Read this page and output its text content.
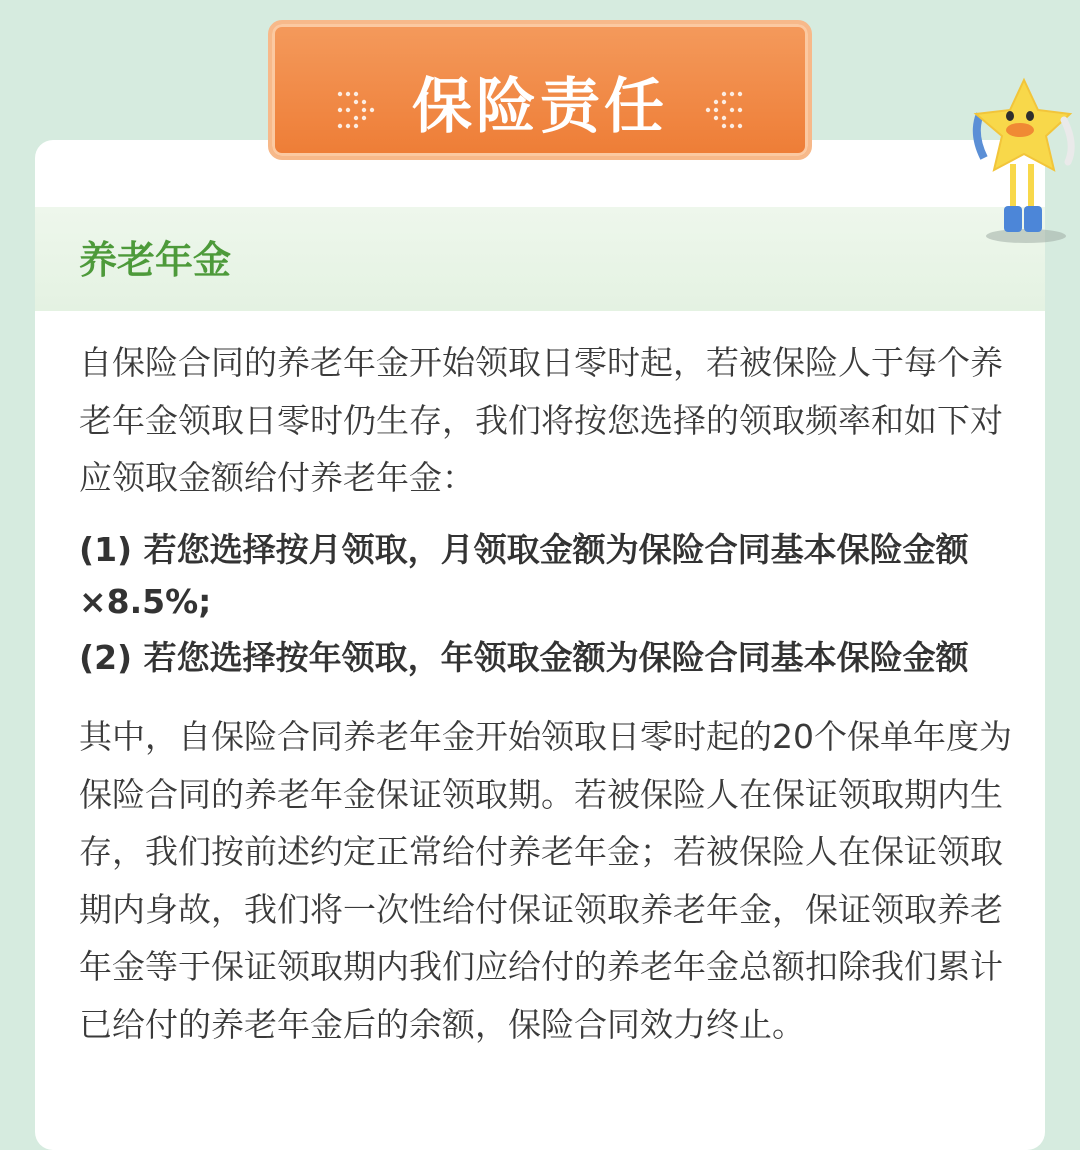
养老年金

自保险合同的养老年金开始领取日零时起，若被保险人于每个养老年金领取日零时仍生存，我们将按您选择的领取频率和如下对应领取金额给付养老年金：

(1) 若您选择按月领取，月领取金额为保险合同基本保险金额×8.5%;

(2) 若您选择按年领取，年领取金额为保险合同基本保险金额

其中，自保险合同养老年金开始领取日零时起的20个保单年度为保险合同的养老年金保证领取期。若被保险人在保证领取期内生存，我们按前述约定正常给付养老年金；若被保险人在保证领取期内身故，我们将一次性给付保证领取养老年金，保证领取养老年金等于保证领取期内我们应给付的养老年金总额扣除我们累计已给付的养老年金后的余额，保险合同效力终止。

保险责任
